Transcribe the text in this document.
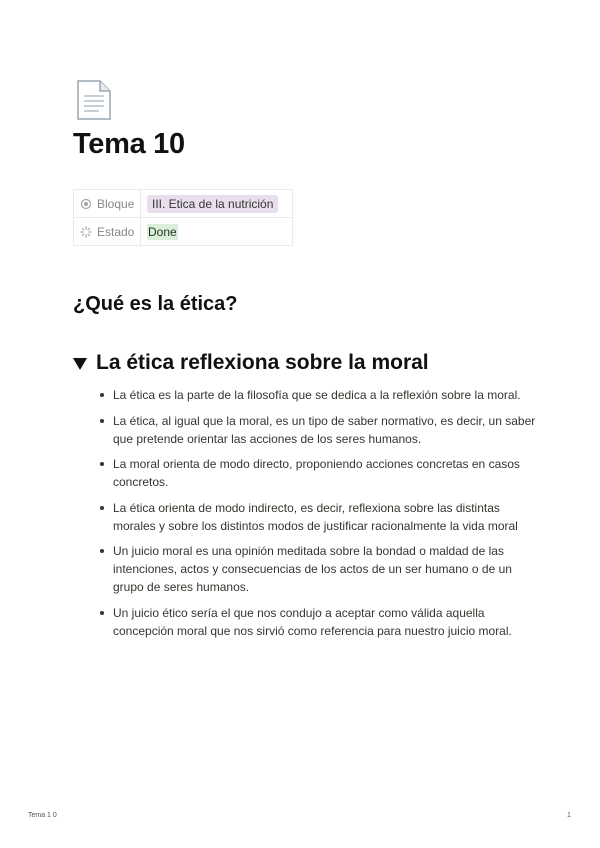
Tema 10
Bloque	III. Etica de la nutrición

Estado	Done
¿Qué es la ética?
La ética reflexiona sobre la moral
La ética es la parte de la filosofía que se dedica a la reflexión sobre la moral.
La ética, al igual que la moral, es un tipo de saber normativo, es decir, un saber que pretende orientar las acciones de los seres humanos.
La moral orienta de modo directo, proponiendo acciones concretas en casos concretos.
La ética orienta de modo indirecto, es decir, reflexiona sobre las distintas morales y sobre los distintos modos de justificar racionalmente la vida moral
Un juicio moral es una opinión meditada sobre la bondad o maldad de las intenciones, actos y consecuencias de los actos de un ser humano o de un grupo de seres humanos.
Un juicio ético sería el que nos condujo a aceptar como válida aquella concepción moral que nos sirvió como referencia para nuestro juicio moral.
Tema 1 0	1
